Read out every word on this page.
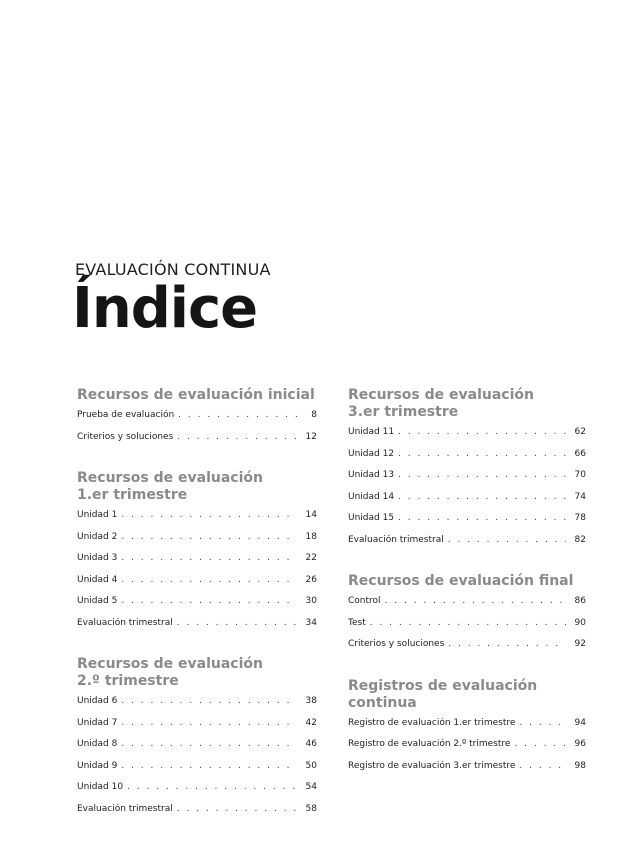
EVALUACIÓN CONTINUA
Índice
Recursos de evaluación inicial
Prueba de evaluación . . .	8
Criterios y soluciones . . .	12
Recursos de evaluación
1.er trimestre
Unidad 1 . . .	14
Unidad 2 . . .	18
Unidad 3 . . .	22
Unidad 4 . . .	26
Unidad 5 . . .	30
Evaluación trimestral . . .	34
Recursos de evaluación
2.º trimestre
Unidad 6 . . .	38
Unidad 7 . . .	42
Unidad 8 . . .	46
Unidad 9 . . .	50
Unidad 10 . . .	54
Evaluación trimestral . . .	58
Recursos de evaluación
3.er trimestre
Unidad 11 . . .	62
Unidad 12 . . .	66
Unidad 13 . . .	70
Unidad 14 . . .	74
Unidad 15 . . .	78
Evaluación trimestral . . .	82
Recursos de evaluación final
Control . . .	86
Test . . .	90
Criterios y soluciones . . .	92
Registros de evaluación continua
Registro de evaluación 1.er trimestre . . .	94
Registro de evaluación 2.º trimestre . . .	96
Registro de evaluación 3.er trimestre . . .	98
